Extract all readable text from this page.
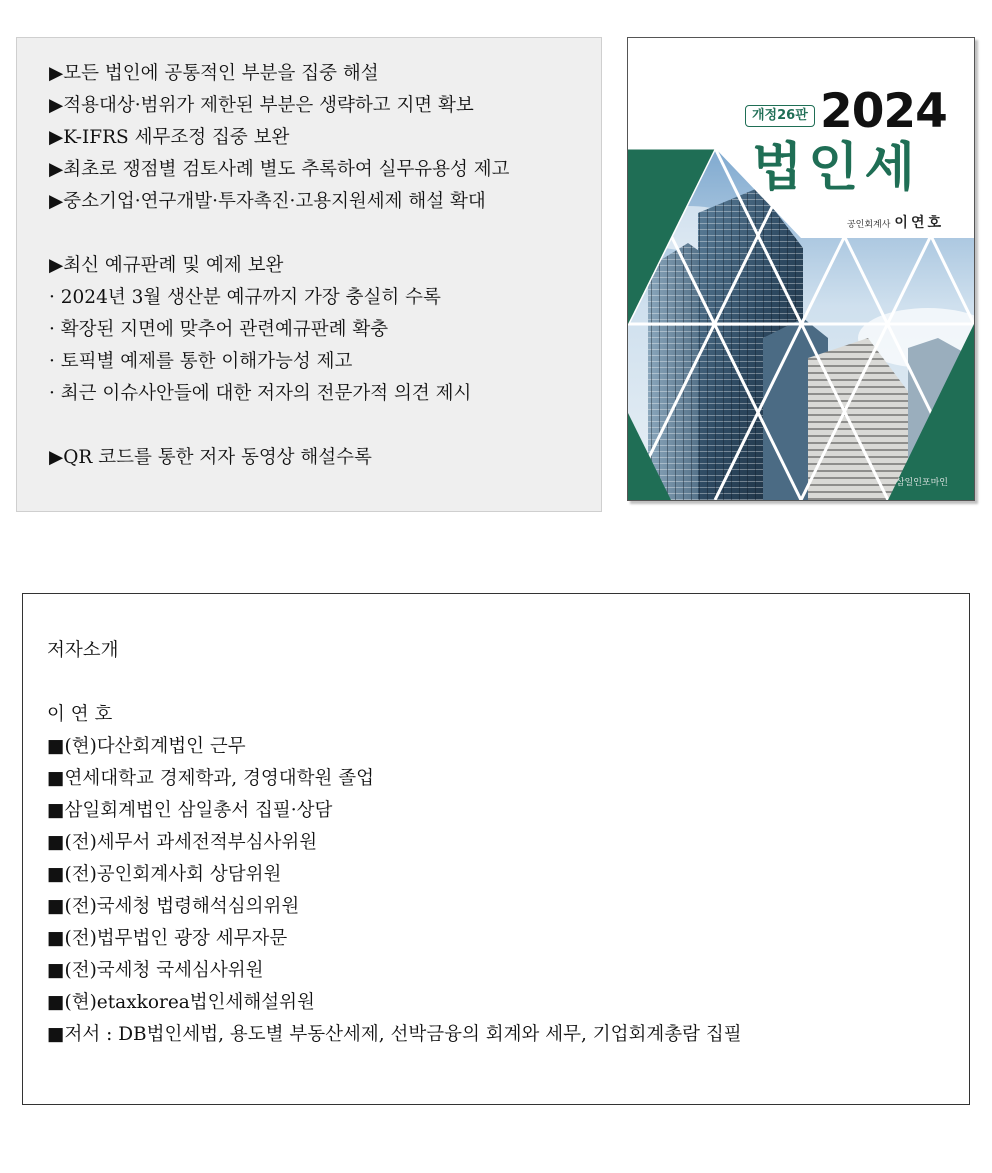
▶모든 법인에 공통적인 부분을 집중 해설
▶적용대상·범위가 제한된 부분은 생략하고 지면 확보
▶K-IFRS 세무조정 집중 보완
▶최초로 쟁점별 검토사례 별도 추록하여 실무유용성 제고
▶중소기업·연구개발·투자촉진·고용지원세제 해설 확대
▶최신 예규판례 및 예제 보완
· 2024년 3월 생산분 예규까지 가장 충실히 수록
· 확장된 지면에 맞추어 관련예규판례 확충
· 토픽별 예제를 통한 이해가능성 제고
· 최근 이슈사안들에 대한 저자의 전문가적 의견 제시
▶QR 코드를 통한 저자 동영상 해설수록
개정26판 2024
법인세
공인회계사 이연호
삼일인포마인
저자소개
이 연 호
■(현)다산회계법인 근무
■연세대학교 경제학과, 경영대학원 졸업
■삼일회계법인 삼일총서 집필·상담
■(전)세무서 과세전적부심사위원
■(전)공인회계사회 상담위원
■(전)국세청 법령해석심의위원
■(전)법무법인 광장 세무자문
■(전)국세청 국세심사위원
■(현)etaxkorea법인세해설위원
■저서 : DB법인세법, 용도별 부동산세제, 선박금융의 회계와 세무, 기업회계총람 집필
